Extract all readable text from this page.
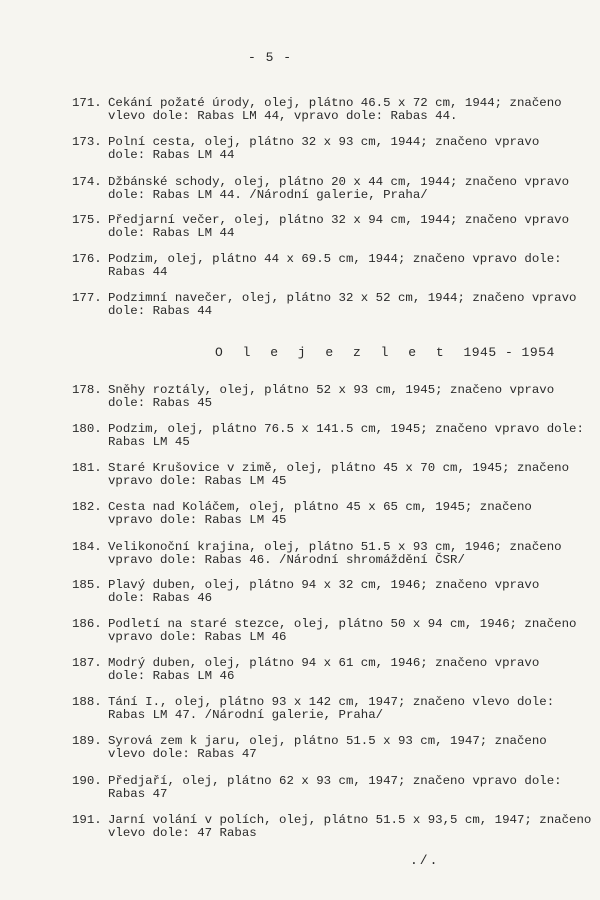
- 5 -
171. Čekání požaté úrody, olej, plátno 46.5 x 72 cm, 1944; značeno
vlevo dole: Rabas LM 44, vpravo dole: Rabas 44.
173. Polní cesta, olej, plátno 32 x 93 cm, 1944; značeno vpravo
dole: Rabas LM 44
174. Džbánské schody, olej, plátno 20 x 44 cm, 1944; značeno vpravo
dole: Rabas LM 44. /Národní galerie, Praha/
175. Předjarní večer, olej, plátno 32 x 94 cm, 1944; značeno vpravo
dole: Rabas LM 44
176. Podzim, olej, plátno 44 x 69.5 cm, 1944; značeno vpravo dole:
Rabas 44
177. Podzimní navečer, olej, plátno 32 x 52 cm, 1944; značeno vpravo
dole: Rabas 44
O l e j e z l e t 1945 - 1954
178. Sněhy roztály, olej, plátno 52 x 93 cm, 1945; značeno vpravo
dole: Rabas 45
180. Podzim, olej, plátno 76.5 x 141.5 cm, 1945; značeno vpravo dole:
Rabas LM 45
181. Staré Krušovice v zimě, olej, plátno 45 x 70 cm, 1945; značeno
vpravo dole: Rabas LM 45
182. Cesta nad Koláčem, olej, plátno 45 x 65 cm, 1945; značeno
vpravo dole: Rabas LM 45
184. Velikonoční krajina, olej, plátno 51.5 x 93 cm, 1946; značeno
vpravo dole: Rabas 46. /Národní shromáždění ČSR/
185. Plavý duben, olej, plátno 94 x 32 cm, 1946; značeno vpravo
dole: Rabas 46
186. Podletí na staré stezce, olej, plátno 50 x 94 cm, 1946; značeno
vpravo dole: Rabas LM 46
187. Modrý duben, olej, plátno 94 x 61 cm, 1946; značeno vpravo
dole: Rabas LM 46
188. Tání I., olej, plátno 93 x 142 cm, 1947; značeno vlevo dole:
Rabas LM 47. /Národní galerie, Praha/
189. Syrová zem k jaru, olej, plátno 51.5 x 93 cm, 1947; značeno
vlevo dole: Rabas 47
190. Předjaří, olej, plátno 62 x 93 cm, 1947; značeno vpravo dole:
Rabas 47
191. Jarní volání v polích, olej, plátno 51.5 x 93,5 cm, 1947; značeno
vlevo dole: 47 Rabas
./.
